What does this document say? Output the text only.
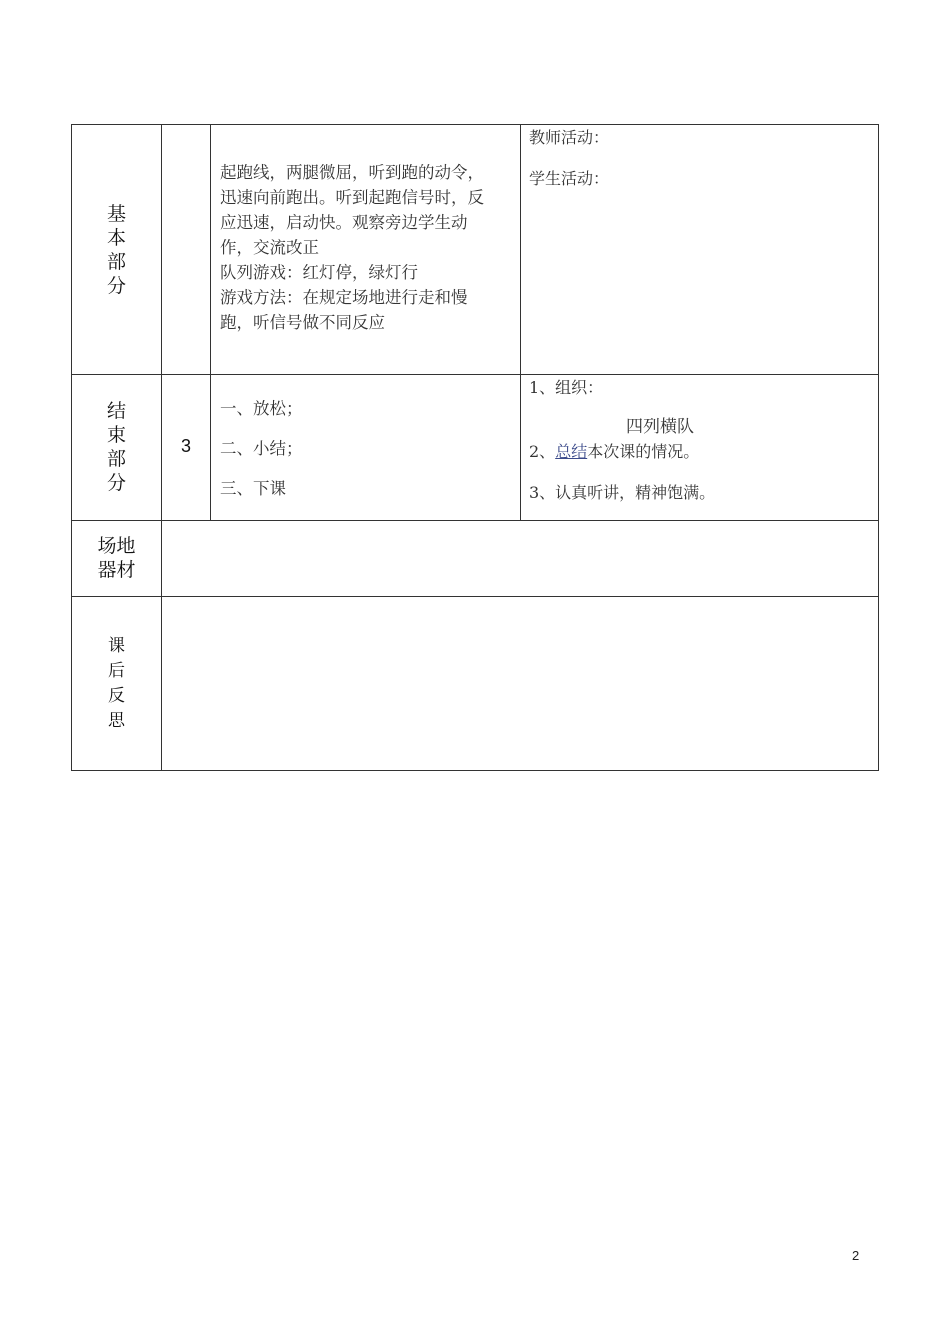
基
本
部
分
起跑线，两腿微屈，听到跑的动令，
迅速向前跑出。听到起跑信号时，反
应迅速，启动快。观察旁边学生动
作，交流改正
队列游戏：红灯停，绿灯行
游戏方法：在规定场地进行走和慢
跑，听信号做不同反应
教师活动：
学生活动：
结
束
部
分
3
一、放松；
二、小结；
三、下课
1、组织：
四列横队
2、总结本次课的情况。
3、认真听讲，精神饱满。
场地
器材
课
后
反
思
2
